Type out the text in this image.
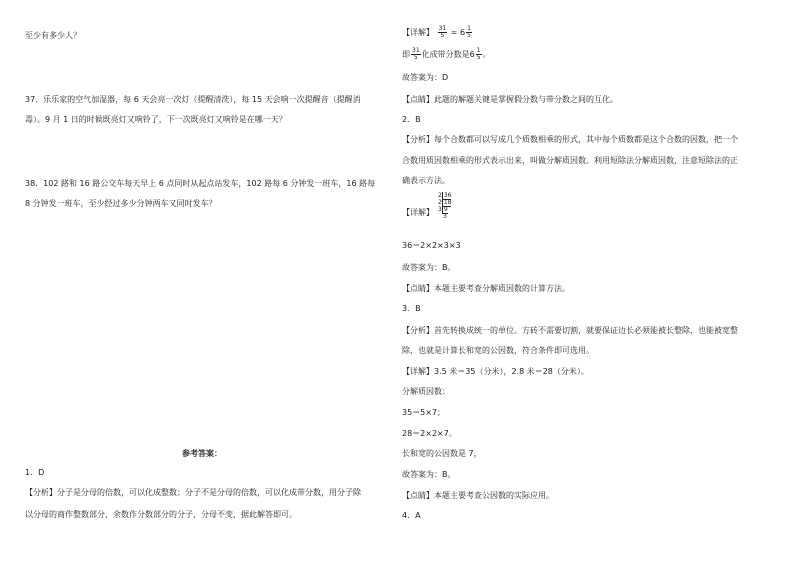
至少有多少人？
37．乐乐家的空气加湿器，每 6 天会亮一次灯（提醒清洗），每 15 天会响一次提醒音（提醒消
毒）。9 月 1 日的时候既亮灯又响铃了，下一次既亮灯又响铃是在哪一天？
38．102 路和 16 路公交车每天早上 6 点同时从起点站发车，102 路每 6 分钟发一班车，16 路每
8 分钟发一班车，至少经过多少分钟两车又同时发车？
参考答案：
1．D
【分析】分子是分母的倍数，可以化成整数；分子不是分母的倍数，可以化成带分数，用分子除
以分母的商作整数部分，余数作分数部分的分子，分母不变，据此解答即可。
【详解】 $\frac{31}{5} = 6 \frac{1}{5}$
即 $\frac{31}{5}$ 化成带分数是$6 \frac{1}{5}$ 。
故答案为：D
【点睛】此题的解题关键是掌握假分数与带分数之间的互化。
2．B
【分析】每个合数都可以写成几个质数相乘的形式，其中每个质数都是这个合数的因数，把一个
合数用质因数相乘的形式表示出来，叫做分解质因数。利用短除法分解质因数，注意短除法的正
确表示方法。
【详解】
2 36
2 18
3 9
3
36＝2×2×3×3
故答案为：B。
【点睛】本题主要考查分解质因数的计算方法。
3．B
【分析】首先转换成统一的单位。方砖不需要切割，就要保证边长必须能被长整除，也能被宽整
除，也就是计算长和宽的公因数，符合条件即可选用。
【详解】3.5 米＝35（分米），2.8 米＝28（分米）。
分解质因数：
35＝5×7；
28＝2×2×7。
长和宽的公因数是 7，
故答案为：B。
【点睛】本题主要考查公因数的实际应用。
4．A
